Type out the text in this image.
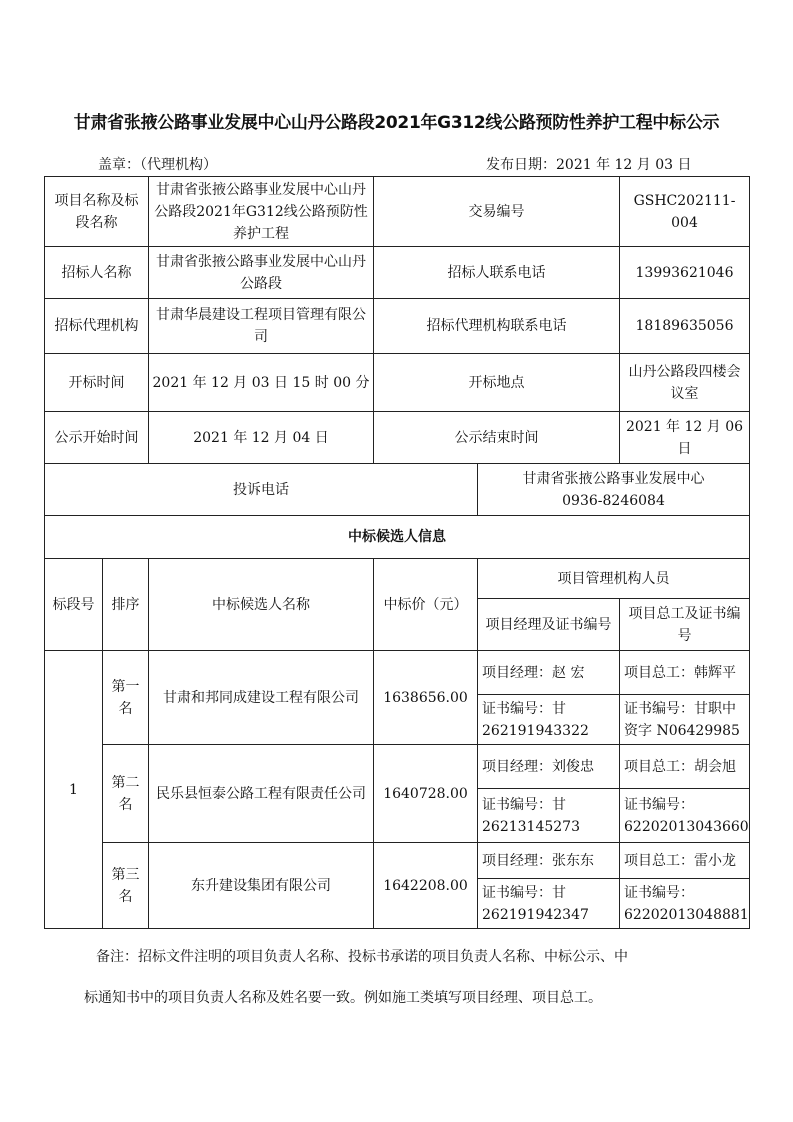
甘肃省张掖公路事业发展中心山丹公路段2021年G312线公路预防性养护工程中标公示
盖章：（代理机构）	发布日期：2021 年 12 月 03 日
项目名称及标段名称		甘肃省张掖公路事业发展中心山丹公路段2021年G312线公路预防性养护工程	交易编号		GSHC202111-004
招标人名称		甘肃省张掖公路事业发展中心山丹公路段	招标人联系电话		13993621046
招标代理机构		甘肃华晨建设工程项目管理有限公司	招标代理机构联系电话		18189635056
开标时间		2021 年 12 月 03 日 15 时 00 分	开标地点		山丹公路段四楼会议室
公示开始时间		2021 年 12 月 04 日	公示结束时间		2021 年 12 月 06 日
投诉电话				甘肃省张掖公路事业发展中心
0936-8246084	

中标候选人信息					
标段号	排序	中标候选人名称	中标价（元）	项目管理机构人员	
				项目经理及证书编号	项目总工及证书编号
1	第一名	甘肃和邦同成建设工程有限公司	1638656.00	项目经理：赵 宏	项目总工：韩辉平
				证书编号：甘 262191943322	证书编号：甘职中资字 N06429985
	第二名	民乐县恒泰公路工程有限责任公司	1640728.00	项目经理：刘俊忠	项目总工：胡会旭
				证书编号：甘 26213145273	证书编号：62202013043660
	第三名	东升建设集团有限公司	1642208.00	项目经理：张东东	项目总工：雷小龙
				证书编号：甘 262191942347	证书编号：62202013048881
备注：招标文件注明的项目负责人名称、投标书承诺的项目负责人名称、中标公示、中
标通知书中的项目负责人名称及姓名要一致。例如施工类填写项目经理、项目总工。
